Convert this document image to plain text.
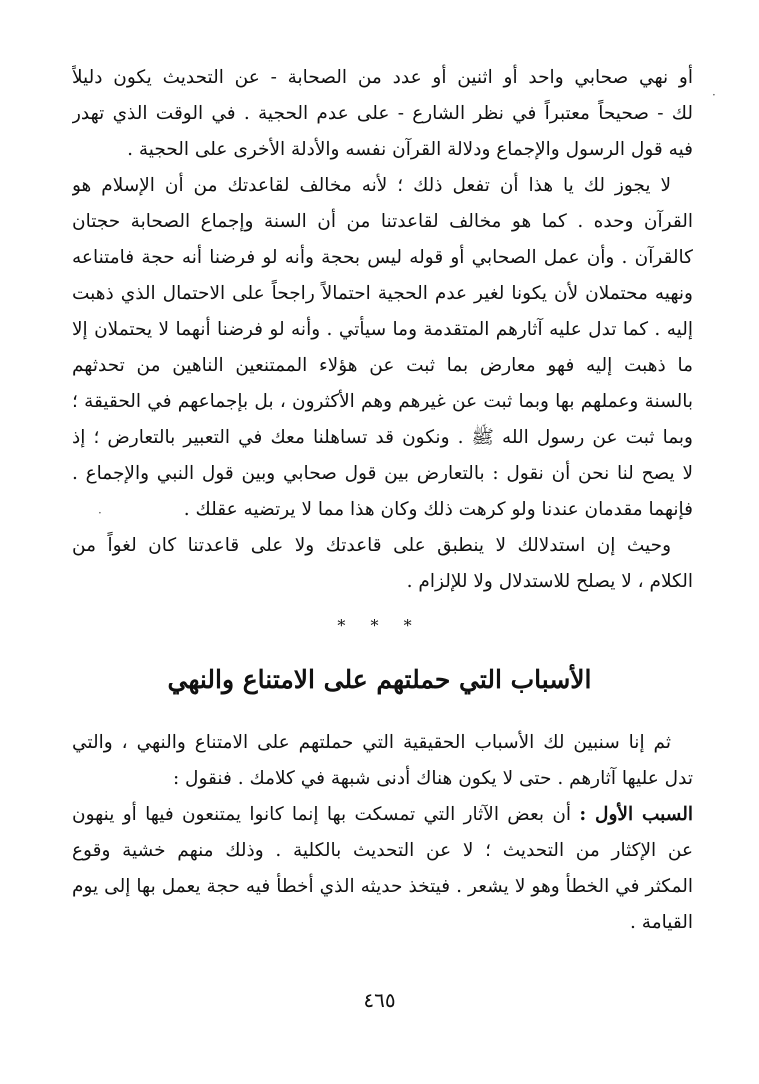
·
·
أو نهي صحابي واحد أو اثنين أو عدد من الصحابة - عن التحديث يكون دليلاً
لك - صحيحاً معتبراً في نظر الشارع - على عدم الحجية . في الوقت الذي تهدر
فيه قول الرسول والإجماع ودلالة القرآن نفسه والأدلة الأخرى على الحجية .
لا يجوز لك يا هذا أن تفعل ذلك ؛ لأنه مخالف لقاعدتك من أن الإسلام هو
القرآن وحده . كما هو مخالف لقاعدتنا من أن السنة وإجماع الصحابة حجتان
كالقرآن . وأن عمل الصحابي أو قوله ليس بحجة وأنه لو فرضنا أنه حجة فامتناعه
ونهيه محتملان لأن يكونا لغير عدم الحجية احتمالاً راجحاً على الاحتمال الذي ذهبت
إليه . كما تدل عليه آثارهم المتقدمة وما سيأتي . وأنه لو فرضنا أنهما لا يحتملان إلا
ما ذهبت إليه فهو معارض بما ثبت عن هؤلاء الممتنعين الناهين من تحدثهم
بالسنة وعملهم بها وبما ثبت عن غيرهم وهم الأكثرون ، بل بإجماعهم في الحقيقة ؛
وبما ثبت عن رسول الله ﷺ . ونكون قد تساهلنا معك في التعبير بالتعارض ؛ إذ
لا يصح لنا نحن أن نقول : بالتعارض بين قول صحابي وبين قول النبي والإجماع .
فإنهما مقدمان عندنا ولو كرهت ذلك وكان هذا مما لا يرتضيه عقلك .
وحيث إن استدلالك لا ينطبق على قاعدتك ولا على قاعدتنا كان لغواً من
الكلام ، لا يصلح للاستدلال ولا للإلزام .
* * *
الأسباب التي حملتهم على الامتناع والنهي
ثم إنا سنبين لك الأسباب الحقيقية التي حملتهم على الامتناع والنهي ، والتي
تدل عليها آثارهم . حتى لا يكون هناك أدنى شبهة في كلامك . فنقول :
السبب الأول : أن بعض الآثار التي تمسكت بها إنما كانوا يمتنعون فيها أو ينهون
عن الإكثار من التحديث ؛ لا عن التحديث بالكلية . وذلك منهم خشية وقوع
المكثر في الخطأ وهو لا يشعر . فيتخذ حديثه الذي أخطأ فيه حجة يعمل بها إلى يوم
القيامة .
٤٦٥
